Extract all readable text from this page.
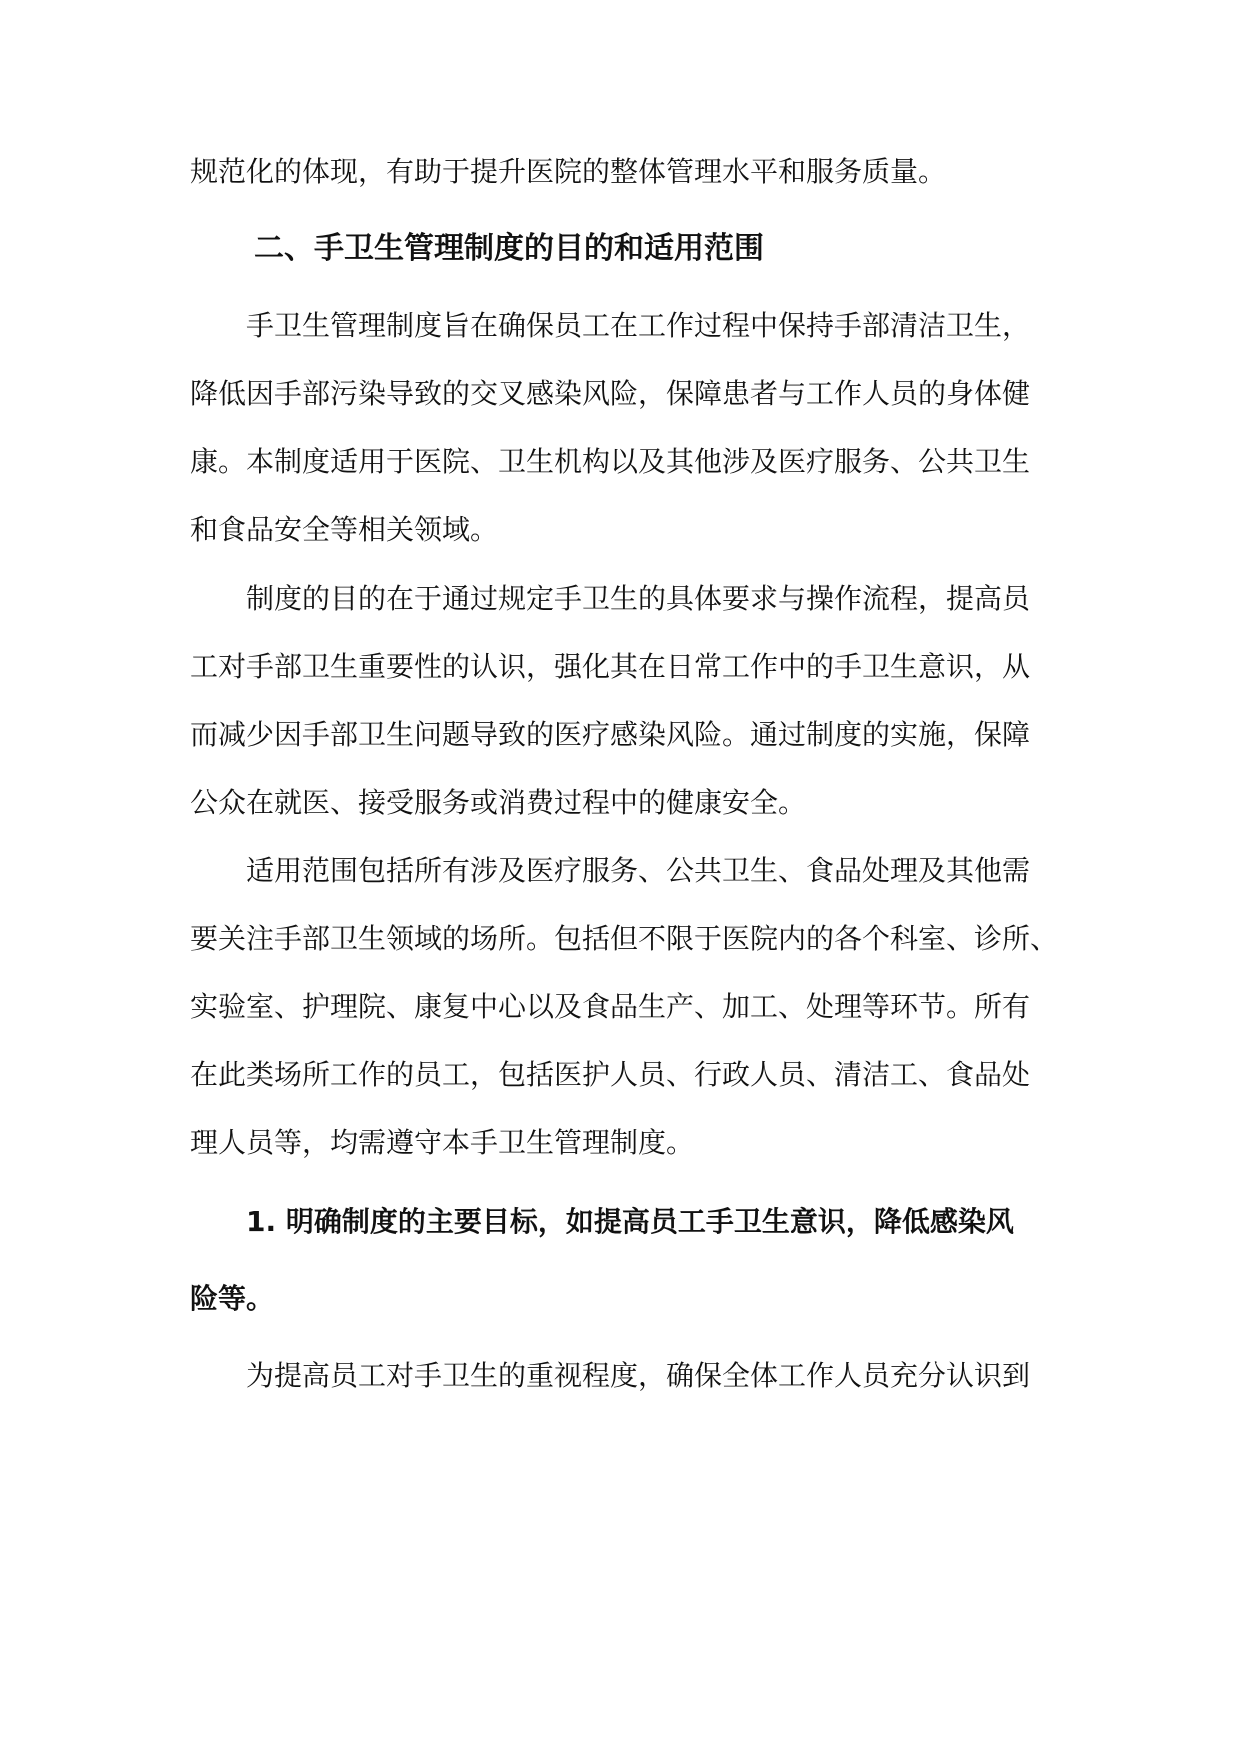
规范化的体现，有助于提升医院的整体管理水平和服务质量。
二、手卫生管理制度的目的和适用范围
手卫生管理制度旨在确保员工在工作过程中保持手部清洁卫生，
降低因手部污染导致的交叉感染风险，保障患者与工作人员的身体健
康。本制度适用于医院、卫生机构以及其他涉及医疗服务、公共卫生
和食品安全等相关领域。
制度的目的在于通过规定手卫生的具体要求与操作流程，提高员
工对手部卫生重要性的认识，强化其在日常工作中的手卫生意识，从
而减少因手部卫生问题导致的医疗感染风险。通过制度的实施，保障
公众在就医、接受服务或消费过程中的健康安全。
适用范围包括所有涉及医疗服务、公共卫生、食品处理及其他需
要关注手部卫生领域的场所。包括但不限于医院内的各个科室、诊所、
实验室、护理院、康复中心以及食品生产、加工、处理等环节。所有
在此类场所工作的员工，包括医护人员、行政人员、清洁工、食品处
理人员等，均需遵守本手卫生管理制度。
1. 明确制度的主要目标，如提高员工手卫生意识，降低感染风
险等。
为提高员工对手卫生的重视程度，确保全体工作人员充分认识到
